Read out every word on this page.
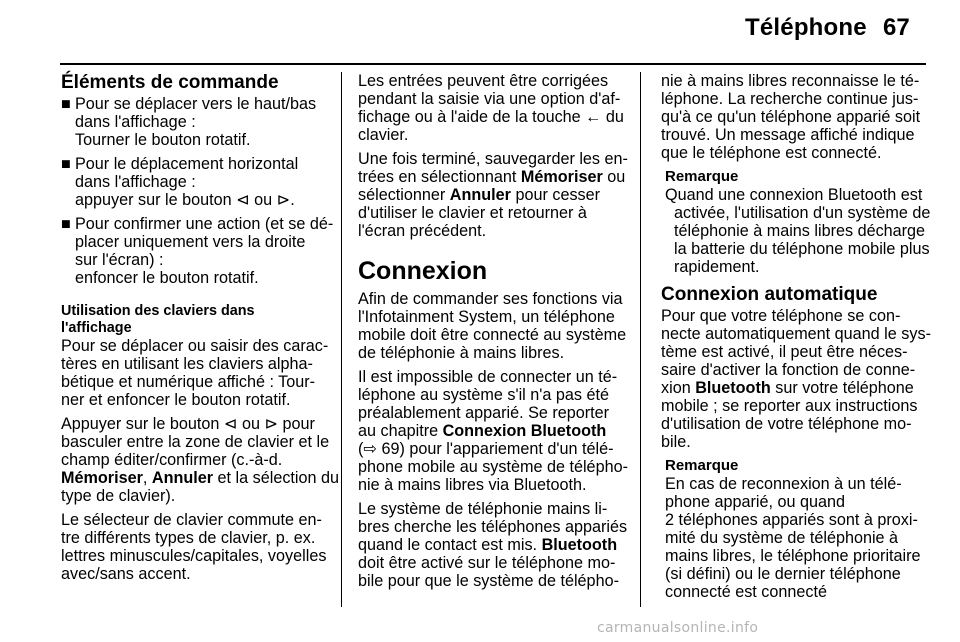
Téléphone 67
Éléments de commande
■ Pour se déplacer vers le haut/bas
dans l'affichage :
Tourner le bouton rotatif.
■ Pour le déplacement horizontal
dans l'affichage :
appuyer sur le bouton ⊲ ou ⊳.
■ Pour confirmer une action (et se dé-
placer uniquement vers la droite
sur l'écran) :
enfoncer le bouton rotatif.
Utilisation des claviers dans
l'affichage

Pour se déplacer ou saisir des carac-
tères en utilisant les claviers alpha-
bétique et numérique affiché : Tour-
ner et enfoncer le bouton rotatif.

Appuyer sur le bouton ⊲ ou ⊳ pour
basculer entre la zone de clavier et le
champ éditer/confirmer (c.-à-d.
Mémoriser, Annuler et la sélection du
type de clavier).

Le sélecteur de clavier commute en-
tre différents types de clavier, p. ex.
lettres minuscules/capitales, voyelles
avec/sans accent.

Les entrées peuvent être corrigées
pendant la saisie via une option d'af-
fichage ou à l'aide de la touche ← du
clavier.

Une fois terminé, sauvegarder les en-
trées en sélectionnant Mémoriser ou
sélectionner Annuler pour cesser
d'utiliser le clavier et retourner à
l'écran précédent.

Connexion

Afin de commander ses fonctions via
l'Infotainment System, un téléphone
mobile doit être connecté au système
de téléphonie à mains libres.

Il est impossible de connecter un té-
léphone au système s'il n'a pas été
préalablement apparié. Se reporter
au chapitre Connexion Bluetooth
(⇨ 69) pour l'appariement d'un télé-
phone mobile au système de télépho-
nie à mains libres via Bluetooth.

Le système de téléphonie mains li-
bres cherche les téléphones appariés
quand le contact est mis. Bluetooth
doit être activé sur le téléphone mo-
bile pour que le système de télépho-

nie à mains libres reconnaisse le té-
léphone. La recherche continue jus-
qu'à ce qu'un téléphone apparié soit
trouvé. Un message affiché indique
que le téléphone est connecté.

Remarque
Quand une connexion Bluetooth est
activée, l'utilisation d'un système de
téléphonie à mains libres décharge
la batterie du téléphone mobile plus
rapidement.
Connexion automatique

Pour que votre téléphone se con-
necte automatiquement quand le sys-
tème est activé, il peut être néces-
saire d'activer la fonction de conne-
xion Bluetooth sur votre téléphone
mobile ; se reporter aux instructions
d'utilisation de votre téléphone mo-
bile.

Remarque
En cas de reconnexion à un télé-
phone apparié, ou quand
2 téléphones appariés sont à proxi-
mité du système de téléphonie à
mains libres, le téléphone prioritaire
(si défini) ou le dernier téléphone
connecté est connecté
carmanualsonline.info
